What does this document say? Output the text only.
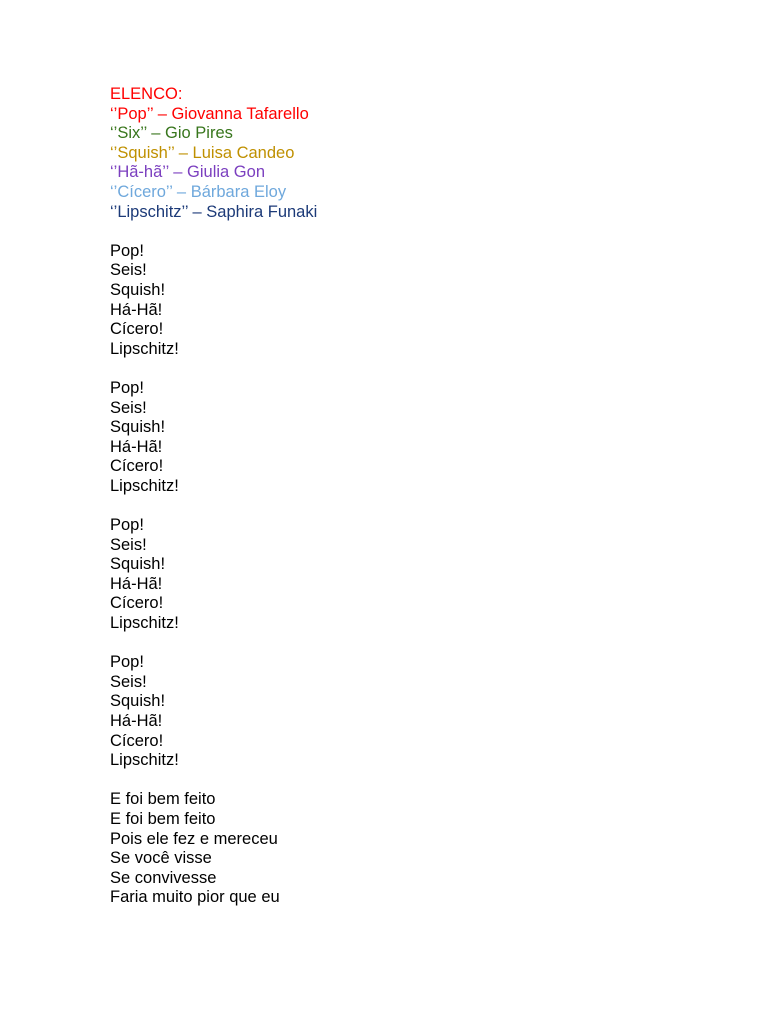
ELENCO:
‘’Pop’’ – Giovanna Tafarello
‘’Six’’ – Gio Pires
‘’Squish’’ – Luisa Candeo
‘’Hã-hã’’ – Giulia Gon
‘’Cícero’’ – Bárbara Eloy
‘’Lipschitz’’ – Saphira Funaki
Pop!
Seis!
Squish!
Há-Hã!
Cícero!
Lipschitz!
Pop!
Seis!
Squish!
Há-Hã!
Cícero!
Lipschitz!
Pop!
Seis!
Squish!
Há-Hã!
Cícero!
Lipschitz!
Pop!
Seis!
Squish!
Há-Hã!
Cícero!
Lipschitz!
E foi bem feito
E foi bem feito
Pois ele fez e mereceu
Se você visse
Se convivesse
Faria muito pior que eu
